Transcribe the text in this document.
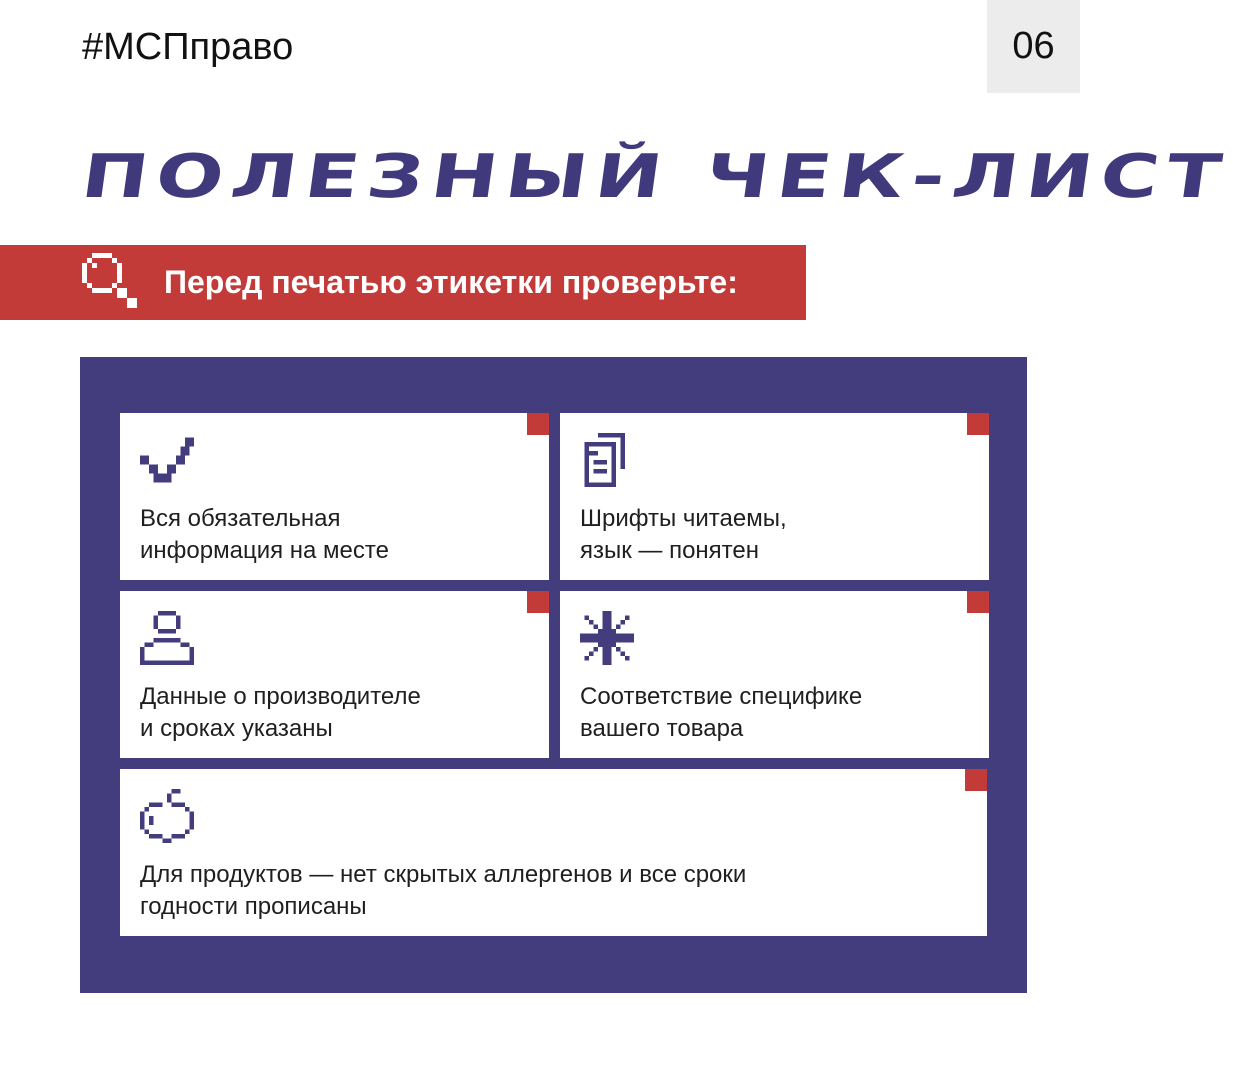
#МСПправо	06
ПОЛЕЗНЫЙ ЧЕК-ЛИСТ
Перед печатью этикетки проверьте:
Вся обязательная
информация на месте
Шрифты читаемы,
язык — понятен
Данные о производителе
и сроках указаны
Соответствие специфике
вашего товара
Для продуктов — нет скрытых аллергенов и все сроки
годности прописаны
